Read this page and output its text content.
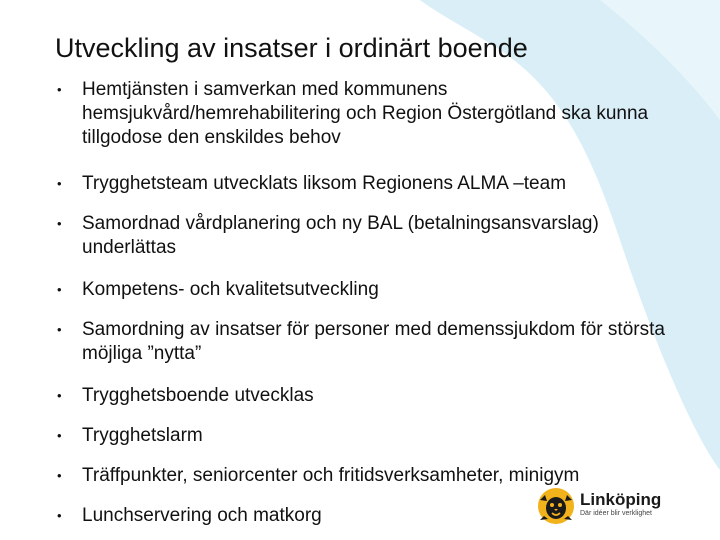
Utveckling av insatser i ordinärt boende
• Hemtjänsten i samverkan med kommunens hemsjukvård/hemrehabilitering och Region Östergötland ska kunna tillgodose den enskildes behov
• Trygghetsteam utvecklats liksom Regionens ALMA –team
• Samordnad vårdplanering och ny BAL (betalningsansvarslag) underlättas
• Kompetens- och kvalitetsutveckling
• Samordning av insatser för personer med demenssjukdom för största möjliga ”nytta”
• Trygghetsboende utvecklas
• Trygghetslarm
• Träffpunkter, seniorcenter och fritidsverksamheter, minigym
• Lunchservering och matkorg
Linköping
Där idéer blir verklighet
